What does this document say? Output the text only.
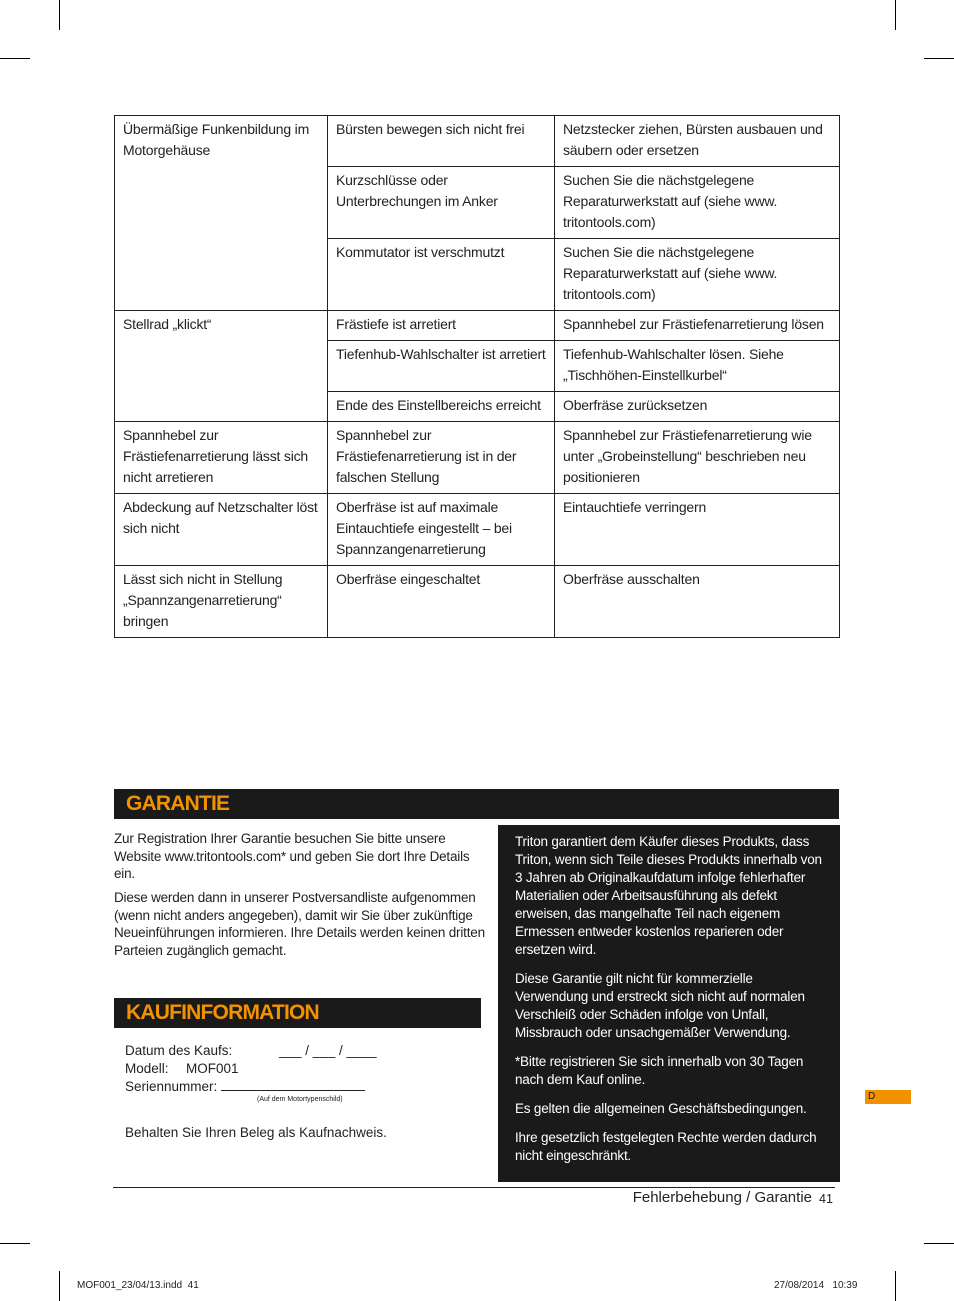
Übermäßige Funkenbildung im Motorgehäuse	Bürsten bewegen sich nicht frei	Netzstecker ziehen, Bürsten ausbauen und säubern oder ersetzen
	Kurzschlüsse oder Unterbrechungen im Anker	Suchen Sie die nächstgelegene Reparaturwerkstatt auf (siehe www. tritontools.com)
	Kommutator ist verschmutzt	Suchen Sie die nächstgelegene Reparaturwerkstatt auf (siehe www. tritontools.com)
Stellrad „klickt“	Frästiefe ist arretiert	Spannhebel zur Frästiefenarretierung lösen
	Tiefenhub-Wahlschalter ist arretiert	Tiefenhub-Wahlschalter lösen. Siehe „Tischhöhen-Einstellkurbel“
	Ende des Einstellbereichs erreicht	Oberfräse zurücksetzen
Spannhebel zur Frästiefenarretierung lässt sich nicht arretieren	Spannhebel zur Frästiefenarretierung ist in der falschen Stellung	Spannhebel zur Frästiefenarretierung wie unter „Grobeinstellung“ beschrieben neu positionieren
Abdeckung auf Netzschalter löst sich nicht	Oberfräse ist auf maximale Eintauchtiefe eingestellt – bei Spannzangenarretierung	Eintauchtiefe verringern
Lässt sich nicht in Stellung „Spannzangenarretierung“ bringen	Oberfräse eingeschaltet	Oberfräse ausschalten
GARANTIE

Zur Registration Ihrer Garantie besuchen Sie bitte unsere Website www.tritontools.com* und geben Sie dort Ihre Details ein.

Diese werden dann in unserer Postversandliste aufgenommen (wenn nicht anders angegeben), damit wir Sie über zukünftige Neueinführungen informieren. Ihre Details werden keinen dritten Parteien zugänglich gemacht.

Triton garantiert dem Käufer dieses Produkts, dass Triton, wenn sich Teile dieses Produkts innerhalb von 3 Jahren ab Originalkaufdatum infolge fehlerhafter Materialien oder Arbeitsausführung als defekt erweisen, das mangelhafte Teil nach eigenem Ermessen entweder kostenlos reparieren oder ersetzen wird.

Diese Garantie gilt nicht für kommerzielle Verwendung und erstreckt sich nicht auf normalen Verschleiß oder Schäden infolge von Unfall, Missbrauch oder unsachgemäßer Verwendung.

*Bitte registrieren Sie sich innerhalb von 30 Tagen nach dem Kauf online.

Es gelten die allgemeinen Geschäftsbedingungen.

Ihre gesetzlich festgelegten Rechte werden dadurch nicht eingeschränkt.

KAUFINFORMATION
Datum des Kaufs:	___ / ___ / ____
Modell: MOF001
Seriennummer:
(Auf dem Motortypenschild)
Behalten Sie Ihren Beleg als Kaufnachweis.
D
Fehlerbehebung / Garantie 41
MOF001_23/04/13.indd 41	27/08/2014 10:39
